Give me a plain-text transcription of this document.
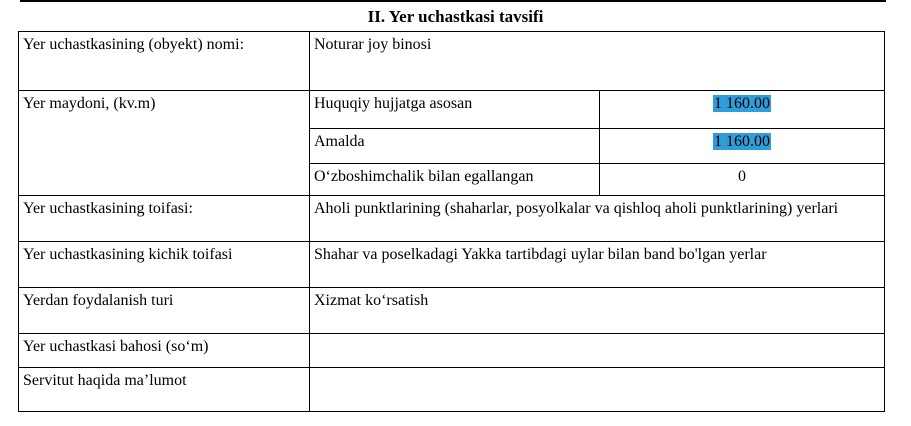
II. Yer uchastkasi tavsifi
Yer uchastkasining (obyekt) nomi:	Noturar joy binosi	
Yer maydoni, (kv.m)	Huquqiy hujjatga asosan	1 160.00
	Amalda	1 160.00
	O‘zboshimchalik bilan egallangan	0
Yer uchastkasining toifasi:	Aholi punktlarining (shaharlar, posyolkalar va qishloq aholi punktlarining) yerlari	
Yer uchastkasining kichik toifasi	Shahar va poselkadagi Yakka tartibdagi uylar bilan band bo'lgan yerlar	
Yerdan foydalanish turi	Xizmat ko‘rsatish	
Yer uchastkasi bahosi (so‘m)		
Servitut haqida ma’lumot		
